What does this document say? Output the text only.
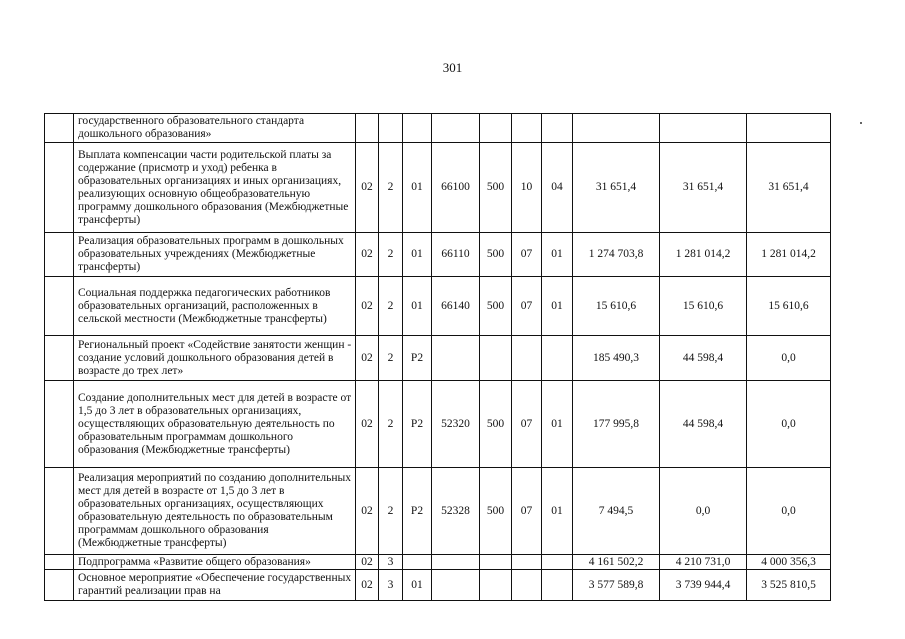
301
	государственного образовательного стандарта дошкольного образования»										
	Выплата компенсации части родительской платы за содержание (присмотр и уход) ребенка в образовательных организациях и иных организациях, реализующих основную общеобразовательную программу дошкольного образования (Межбюджетные трансферты)	02	2	01	66100	500	10	04	31 651,4	31 651,4	31 651,4
	Реализация образовательных программ в дошкольных образовательных учреждениях (Межбюджетные трансферты)	02	2	01	66110	500	07	01	1 274 703,8	1 281 014,2	1 281 014,2
	Социальная поддержка педагогических работников образовательных организаций, расположенных в сельской местности (Межбюджетные трансферты)	02	2	01	66140	500	07	01	15 610,6	15 610,6	15 610,6
	Региональный проект «Содействие занятости женщин - создание условий дошкольного образования детей в возрасте до трех лет»	02	2	P2					185 490,3	44 598,4	0,0
	Создание дополнительных мест для детей в возрасте от 1,5 до 3 лет в образовательных организациях, осуществляющих образовательную деятельность по образовательным программам дошкольного образования (Межбюджетные трансферты)	02	2	P2	52320	500	07	01	177 995,8	44 598,4	0,0
	Реализация мероприятий по созданию дополнительных мест для детей в возрасте от 1,5 до 3 лет в образовательных организациях, осуществляющих образовательную деятельность по образовательным программам дошкольного образования (Межбюджетные трансферты)	02	2	P2	52328	500	07	01	7 494,5	0,0	0,0
	Подпрограмма «Развитие общего образования»	02	3						4 161 502,2	4 210 731,0	4 000 356,3
	Основное мероприятие «Обеспечение государственных гарантий реализации прав на	02	3	01					3 577 589,8	3 739 944,4	3 525 810,5
